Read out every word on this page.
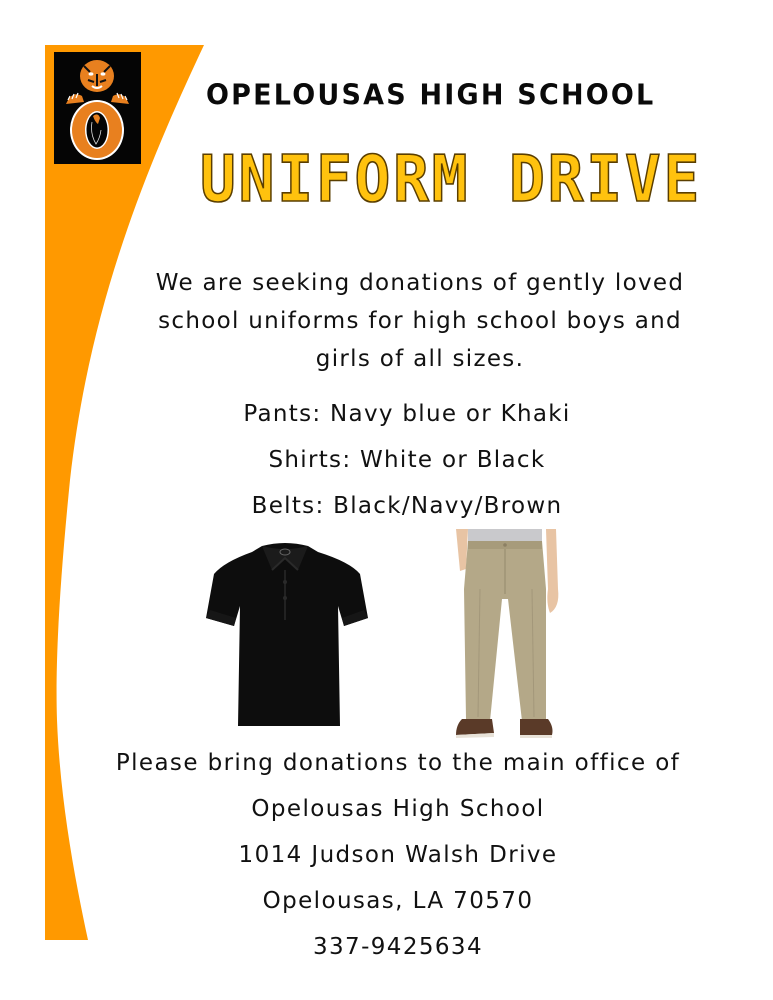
OPELOUSAS HIGH SCHOOL
UNIFORM DRIVE

We are seeking donations of gently loved school uniforms for high school boys and girls of all sizes.

Pants: Navy blue or Khaki
Shirts: White or Black
Belts: Black/Navy/Brown
Please bring donations to the main office of
Opelousas High School
1014 Judson Walsh Drive
Opelousas, LA 70570
337-9425634
